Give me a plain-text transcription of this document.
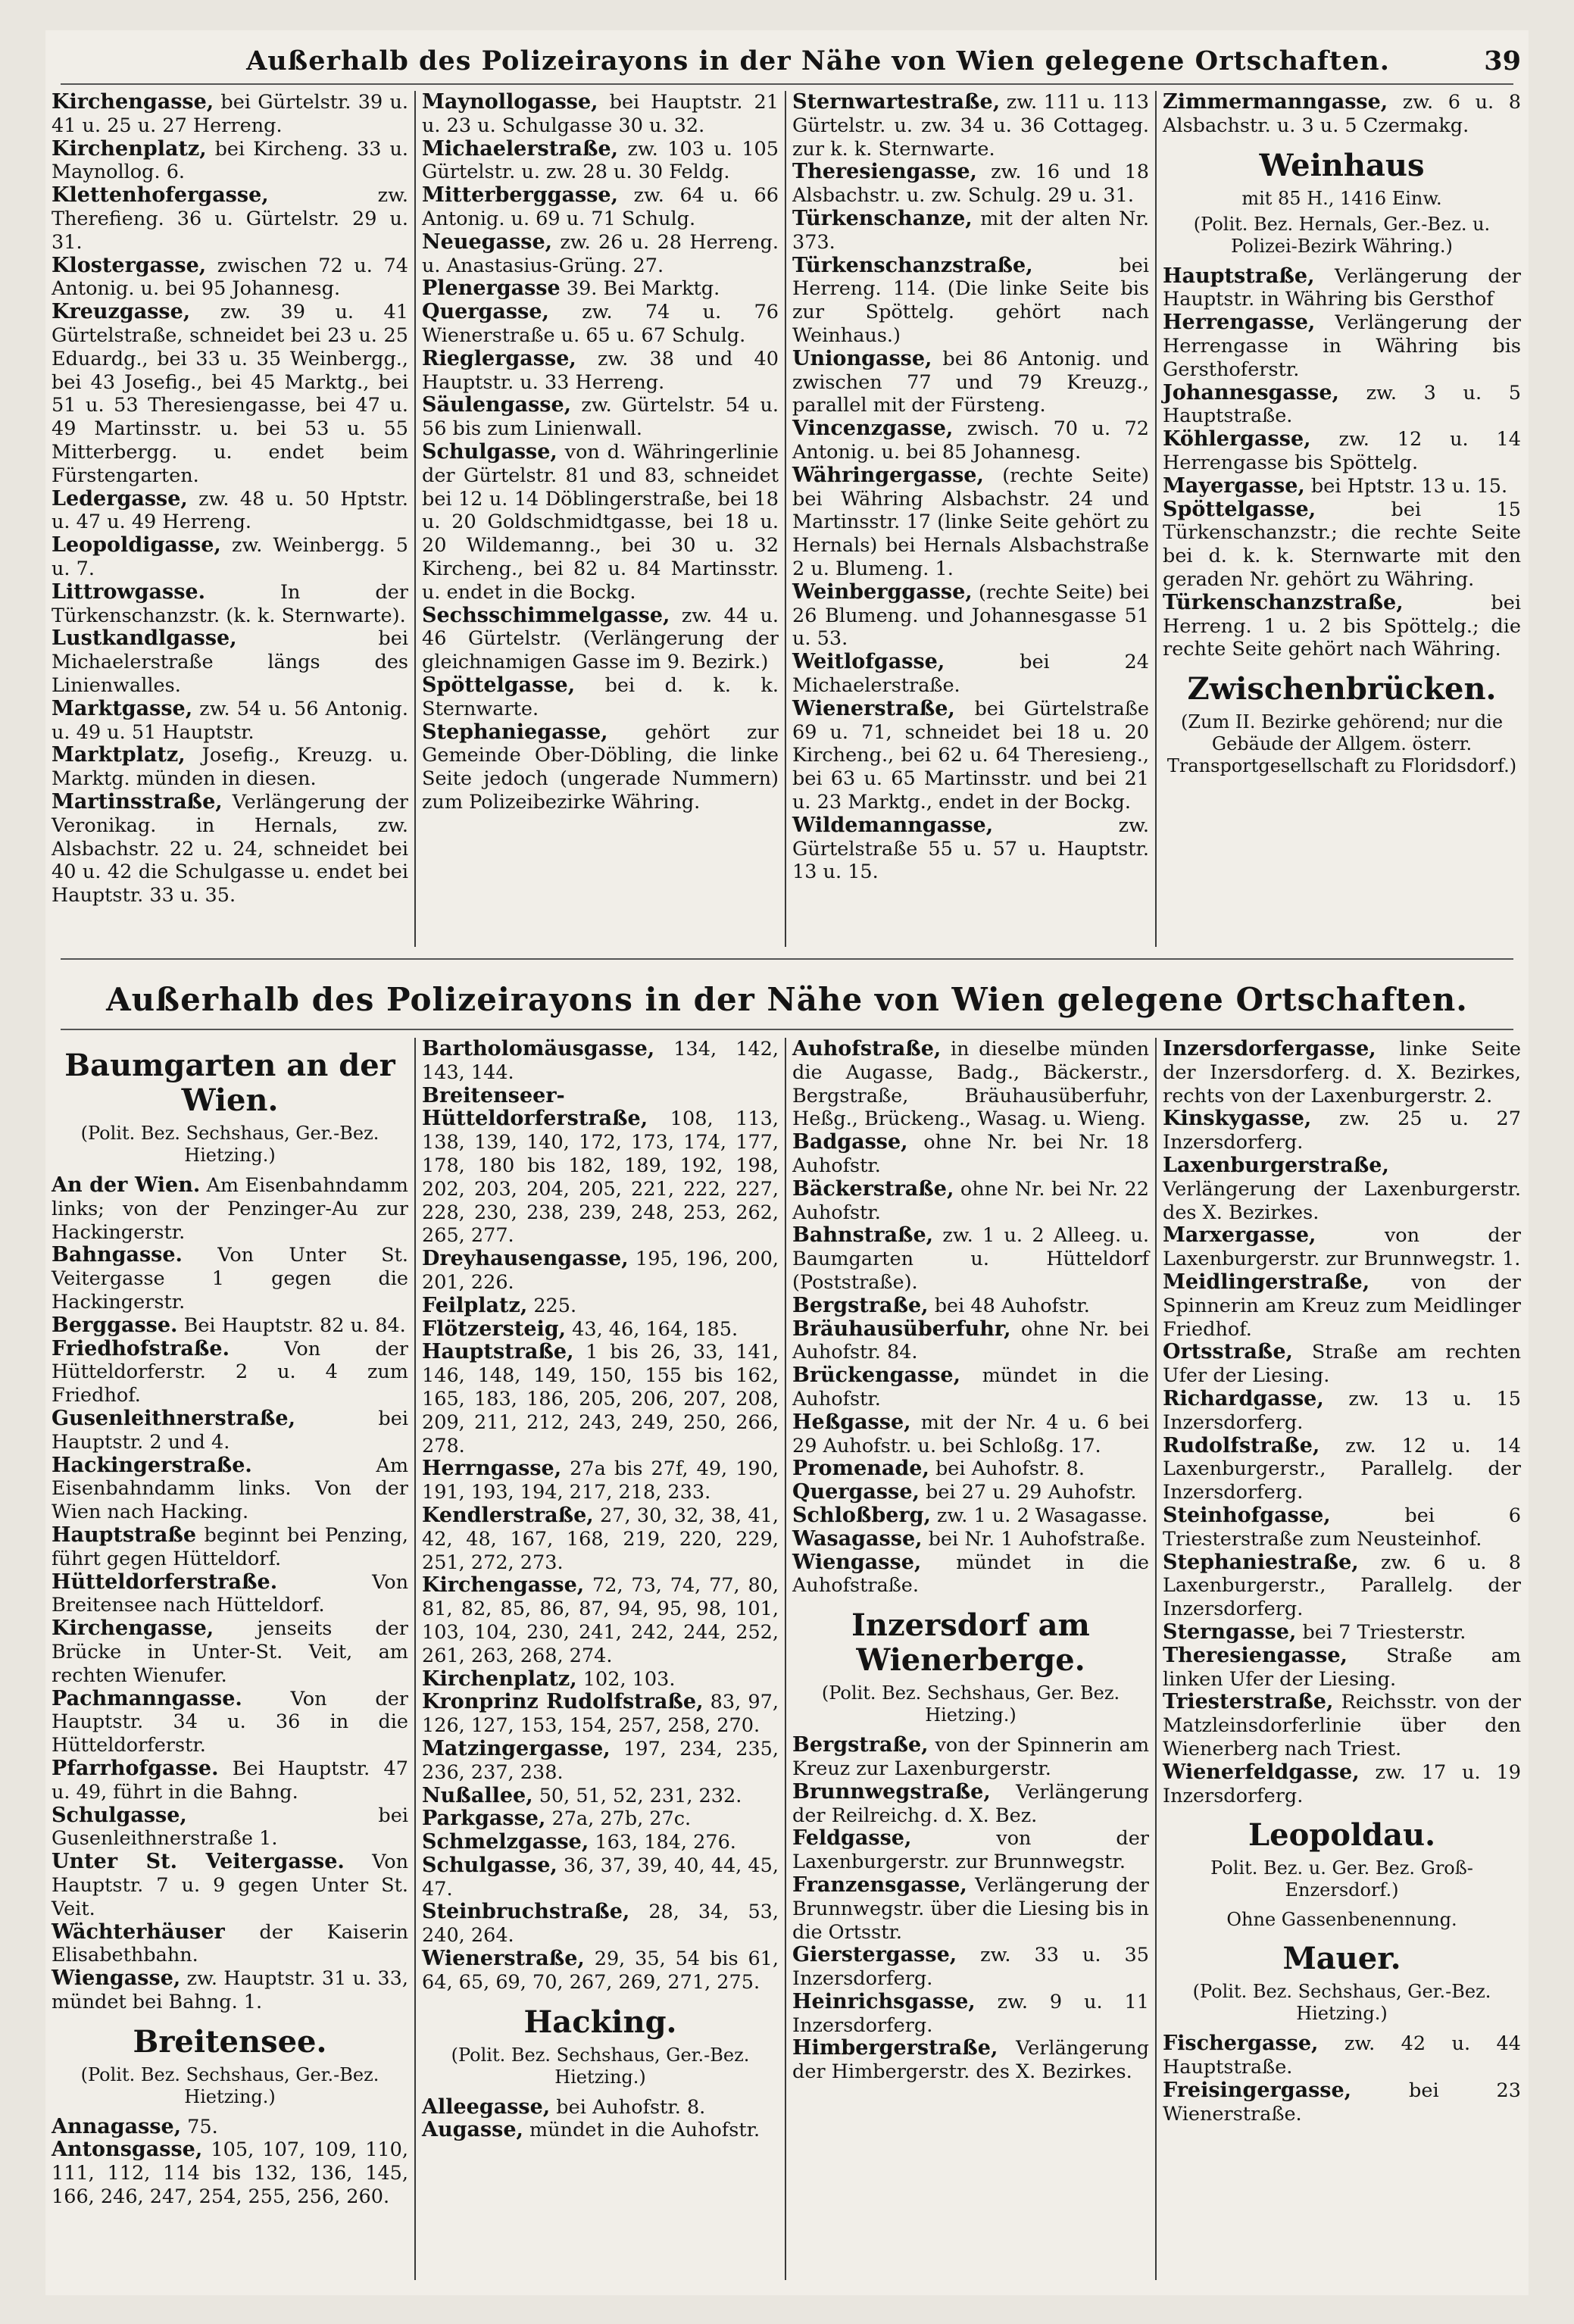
Außerhalb des Polizeirayons in der Nähe von Wien gelegene Ortschaften.	39

Kirchengasse, bei Gürtelstr. 39 u. 41 u. 25 u. 27 Herreng.

Kirchenplatz, bei Kircheng. 33 u. Maynollog. 6.

Klettenhofergasse, zw. Therefieng. 36 u. Gürtelstr. 29 u. 31.

Klostergasse, zwischen 72 u. 74 Antonig. u. bei 95 Johannesg.

Kreuzgasse, zw. 39 u. 41 Gürtelstraße, schneidet bei 23 u. 25 Eduardg., bei 33 u. 35 Weinbergg., bei 43 Josefig., bei 45 Marktg., bei 51 u. 53 Theresiengasse, bei 47 u. 49 Martinsstr. u. bei 53 u. 55 Mitterbergg. u. endet beim Fürstengarten.

Ledergasse, zw. 48 u. 50 Hptstr. u. 47 u. 49 Herreng.

Leopoldigasse, zw. Weinbergg. 5 u. 7.

Littrowgasse. In der Türkenschanzstr. (k. k. Sternwarte).

Lustkandlgasse, bei Michaelerstraße längs des Linienwalles.

Marktgasse, zw. 54 u. 56 Antonig. u. 49 u. 51 Hauptstr.

Marktplatz, Josefig., Kreuzg. u. Marktg. münden in diesen.

Martinsstraße, Verlängerung der Veronikag. in Hernals, zw. Alsbachstr. 22 u. 24, schneidet bei 40 u. 42 die Schulgasse u. endet bei Hauptstr. 33 u. 35.

Maynollogasse, bei Hauptstr. 21 u. 23 u. Schulgasse 30 u. 32.

Michaelerstraße, zw. 103 u. 105 Gürtelstr. u. zw. 28 u. 30 Feldg.

Mitterberggasse, zw. 64 u. 66 Antonig. u. 69 u. 71 Schulg.

Neuegasse, zw. 26 u. 28 Herreng. u. Anastasius-Grüng. 27.

Plenergasse 39. Bei Marktg.

Quergasse, zw. 74 u. 76 Wienerstraße u. 65 u. 67 Schulg.

Rieglergasse, zw. 38 und 40 Hauptstr. u. 33 Herreng.

Säulengasse, zw. Gürtelstr. 54 u. 56 bis zum Linienwall.

Schulgasse, von d. Währingerlinie der Gürtelstr. 81 und 83, schneidet bei 12 u. 14 Döblingerstraße, bei 18 u. 20 Goldschmidtgasse, bei 18 u. 20 Wildemanng., bei 30 u. 32 Kircheng., bei 82 u. 84 Martinsstr. u. endet in die Bockg.

Sechsschimmelgasse, zw. 44 u. 46 Gürtelstr. (Verlängerung der gleichnamigen Gasse im 9. Bezirk.)

Spöttelgasse, bei d. k. k. Sternwarte.

Stephaniegasse, gehört zur Gemeinde Ober-Döbling, die linke Seite jedoch (ungerade Nummern) zum Polizeibezirke Währing.

Sternwartestraße, zw. 111 u. 113 Gürtelstr. u. zw. 34 u. 36 Cottageg. zur k. k. Sternwarte.

Theresiengasse, zw. 16 und 18 Alsbachstr. u. zw. Schulg. 29 u. 31.

Türkenschanze, mit der alten Nr. 373.

Türkenschanzstraße, bei Herreng. 114. (Die linke Seite bis zur Spöttelg. gehört nach Weinhaus.)

Uniongasse, bei 86 Antonig. und zwischen 77 und 79 Kreuzg., parallel mit der Fürsteng.

Vincenzgasse, zwisch. 70 u. 72 Antonig. u. bei 85 Johannesg.

Währingergasse, (rechte Seite) bei Währing Alsbachstr. 24 und Martinsstr. 17 (linke Seite gehört zu Hernals) bei Hernals Alsbachstraße 2 u. Blumeng. 1.

Weinberggasse, (rechte Seite) bei 26 Blumeng. und Johannesgasse 51 u. 53.

Weitlofgasse, bei 24 Michaelerstraße.

Wienerstraße, bei Gürtelstraße 69 u. 71, schneidet bei 18 u. 20 Kircheng., bei 62 u. 64 Theresieng., bei 63 u. 65 Martinsstr. und bei 21 u. 23 Marktg., endet in der Bockg.

Wildemanngasse, zw. Gürtelstraße 55 u. 57 u. Hauptstr. 13 u. 15.

Zimmermanngasse, zw. 6 u. 8 Alsbachstr. u. 3 u. 5 Czermakg.

Weinhaus
mit 85 H., 1416 Einw.
(Polit. Bez. Hernals, Ger.-Bez. u. Polizei-Bezirk Währing.)

Hauptstraße, Verlängerung der Hauptstr. in Währing bis Gersthof

Herrengasse, Verlängerung der Herrengasse in Währing bis Gersthoferstr.

Johannesgasse, zw. 3 u. 5 Hauptstraße.

Köhlergasse, zw. 12 u. 14 Herrengasse bis Spöttelg.

Mayergasse, bei Hptstr. 13 u. 15.

Spöttelgasse, bei 15 Türkenschanzstr.; die rechte Seite bei d. k. k. Sternwarte mit den geraden Nr. gehört zu Währing.

Türkenschanzstraße, bei Herreng. 1 u. 2 bis Spöttelg.; die rechte Seite gehört nach Währing.

Zwischenbrücken.
(Zum II. Bezirke gehörend; nur die Gebäude der Allgem. österr. Transportgesellschaft zu Floridsdorf.)
Außerhalb des Polizeirayons in der Nähe von Wien gelegene Ortschaften.
Baumgarten an der Wien.
(Polit. Bez. Sechshaus, Ger.-Bez. Hietzing.)

An der Wien. Am Eisenbahndamm links; von der Penzinger-Au zur Hackingerstr.

Bahngasse. Von Unter St. Veitergasse 1 gegen die Hackingerstr.

Berggasse. Bei Hauptstr. 82 u. 84.

Friedhofstraße. Von der Hütteldorferstr. 2 u. 4 zum Friedhof.

Gusenleithnerstraße, bei Hauptstr. 2 und 4.

Hackingerstraße. Am Eisenbahndamm links. Von der Wien nach Hacking.

Hauptstraße beginnt bei Penzing, führt gegen Hütteldorf.

Hütteldorferstraße. Von Breitensee nach Hütteldorf.

Kirchengasse, jenseits der Brücke in Unter-St. Veit, am rechten Wienufer.

Pachmanngasse. Von der Hauptstr. 34 u. 36 in die Hütteldorferstr.

Pfarrhofgasse. Bei Hauptstr. 47 u. 49, führt in die Bahng.

Schulgasse, bei Gusenleithnerstraße 1.

Unter St. Veitergasse. Von Hauptstr. 7 u. 9 gegen Unter St. Veit.

Wächterhäuser der Kaiserin Elisabethbahn.

Wiengasse, zw. Hauptstr. 31 u. 33, mündet bei Bahng. 1.

Breitensee.
(Polit. Bez. Sechshaus, Ger.-Bez. Hietzing.)

Annagasse, 75.

Antonsgasse, 105, 107, 109, 110, 111, 112, 114 bis 132, 136, 145, 166, 246, 247, 254, 255, 256, 260.

Bartholomäusgasse, 134, 142, 143, 144.

Breitenseer-Hütteldorferstraße, 108, 113, 138, 139, 140, 172, 173, 174, 177, 178, 180 bis 182, 189, 192, 198, 202, 203, 204, 205, 221, 222, 227, 228, 230, 238, 239, 248, 253, 262, 265, 277.

Dreyhausengasse, 195, 196, 200, 201, 226.

Feilplatz, 225.

Flötzersteig, 43, 46, 164, 185.

Hauptstraße, 1 bis 26, 33, 141, 146, 148, 149, 150, 155 bis 162, 165, 183, 186, 205, 206, 207, 208, 209, 211, 212, 243, 249, 250, 266, 278.

Herrngasse, 27a bis 27f, 49, 190, 191, 193, 194, 217, 218, 233.

Kendlerstraße, 27, 30, 32, 38, 41, 42, 48, 167, 168, 219, 220, 229, 251, 272, 273.

Kirchengasse, 72, 73, 74, 77, 80, 81, 82, 85, 86, 87, 94, 95, 98, 101, 103, 104, 230, 241, 242, 244, 252, 261, 263, 268, 274.

Kirchenplatz, 102, 103.

Kronprinz Rudolfstraße, 83, 97, 126, 127, 153, 154, 257, 258, 270.

Matzingergasse, 197, 234, 235, 236, 237, 238.

Nußallee, 50, 51, 52, 231, 232.

Parkgasse, 27a, 27b, 27c.

Schmelzgasse, 163, 184, 276.

Schulgasse, 36, 37, 39, 40, 44, 45, 47.

Steinbruchstraße, 28, 34, 53, 240, 264.

Wienerstraße, 29, 35, 54 bis 61, 64, 65, 69, 70, 267, 269, 271, 275.

Hacking.
(Polit. Bez. Sechshaus, Ger.-Bez. Hietzing.)

Alleegasse, bei Auhofstr. 8.

Augasse, mündet in die Auhofstr.

Auhofstraße, in dieselbe münden die Augasse, Badg., Bäckerstr., Bergstraße, Bräuhausüberfuhr, Heßg., Brückeng., Wasag. u. Wieng.

Badgasse, ohne Nr. bei Nr. 18 Auhofstr.

Bäckerstraße, ohne Nr. bei Nr. 22 Auhofstr.

Bahnstraße, zw. 1 u. 2 Alleeg. u. Baumgarten u. Hütteldorf (Poststraße).

Bergstraße, bei 48 Auhofstr.

Bräuhausüberfuhr, ohne Nr. bei Auhofstr. 84.

Brückengasse, mündet in die Auhofstr.

Heßgasse, mit der Nr. 4 u. 6 bei 29 Auhofstr. u. bei Schloßg. 17.

Promenade, bei Auhofstr. 8.

Quergasse, bei 27 u. 29 Auhofstr.

Schloßberg, zw. 1 u. 2 Wasagasse.

Wasagasse, bei Nr. 1 Auhofstraße.

Wiengasse, mündet in die Auhofstraße.

Inzersdorf am Wienerberge.
(Polit. Bez. Sechshaus, Ger. Bez. Hietzing.)

Bergstraße, von der Spinnerin am Kreuz zur Laxenburgerstr.

Brunnwegstraße, Verlängerung der Reilreichg. d. X. Bez.

Feldgasse, von der Laxenburgerstr. zur Brunnwegstr.

Franzensgasse, Verlängerung der Brunnwegstr. über die Liesing bis in die Ortsstr.

Gierstergasse, zw. 33 u. 35 Inzersdorferg.

Heinrichsgasse, zw. 9 u. 11 Inzersdorferg.

Himbergerstraße, Verlängerung der Himbergerstr. des X. Bezirkes.

Inzersdorfergasse, linke Seite der Inzersdorferg. d. X. Bezirkes, rechts von der Laxenburgerstr. 2.

Kinskygasse, zw. 25 u. 27 Inzersdorferg.

Laxenburgerstraße, Verlängerung der Laxenburgerstr. des X. Bezirkes.

Marxergasse, von der Laxenburgerstr. zur Brunnwegstr. 1.

Meidlingerstraße, von der Spinnerin am Kreuz zum Meidlinger Friedhof.

Ortsstraße, Straße am rechten Ufer der Liesing.

Richardgasse, zw. 13 u. 15 Inzersdorferg.

Rudolfstraße, zw. 12 u. 14 Laxenburgerstr., Parallelg. der Inzersdorferg.

Steinhofgasse, bei 6 Triesterstraße zum Neusteinhof.

Stephaniestraße, zw. 6 u. 8 Laxenburgerstr., Parallelg. der Inzersdorferg.

Sterngasse, bei 7 Triesterstr.

Theresiengasse, Straße am linken Ufer der Liesing.

Triesterstraße, Reichsstr. von der Matzleinsdorferlinie über den Wienerberg nach Triest.

Wienerfeldgasse, zw. 17 u. 19 Inzersdorferg.

Leopoldau.
Polit. Bez. u. Ger. Bez. Groß-Enzersdorf.)
Ohne Gassenbenennung.
Mauer.
(Polit. Bez. Sechshaus, Ger.-Bez. Hietzing.)

Fischergasse, zw. 42 u. 44 Hauptstraße.

Freisingergasse, bei 23 Wienerstraße.
